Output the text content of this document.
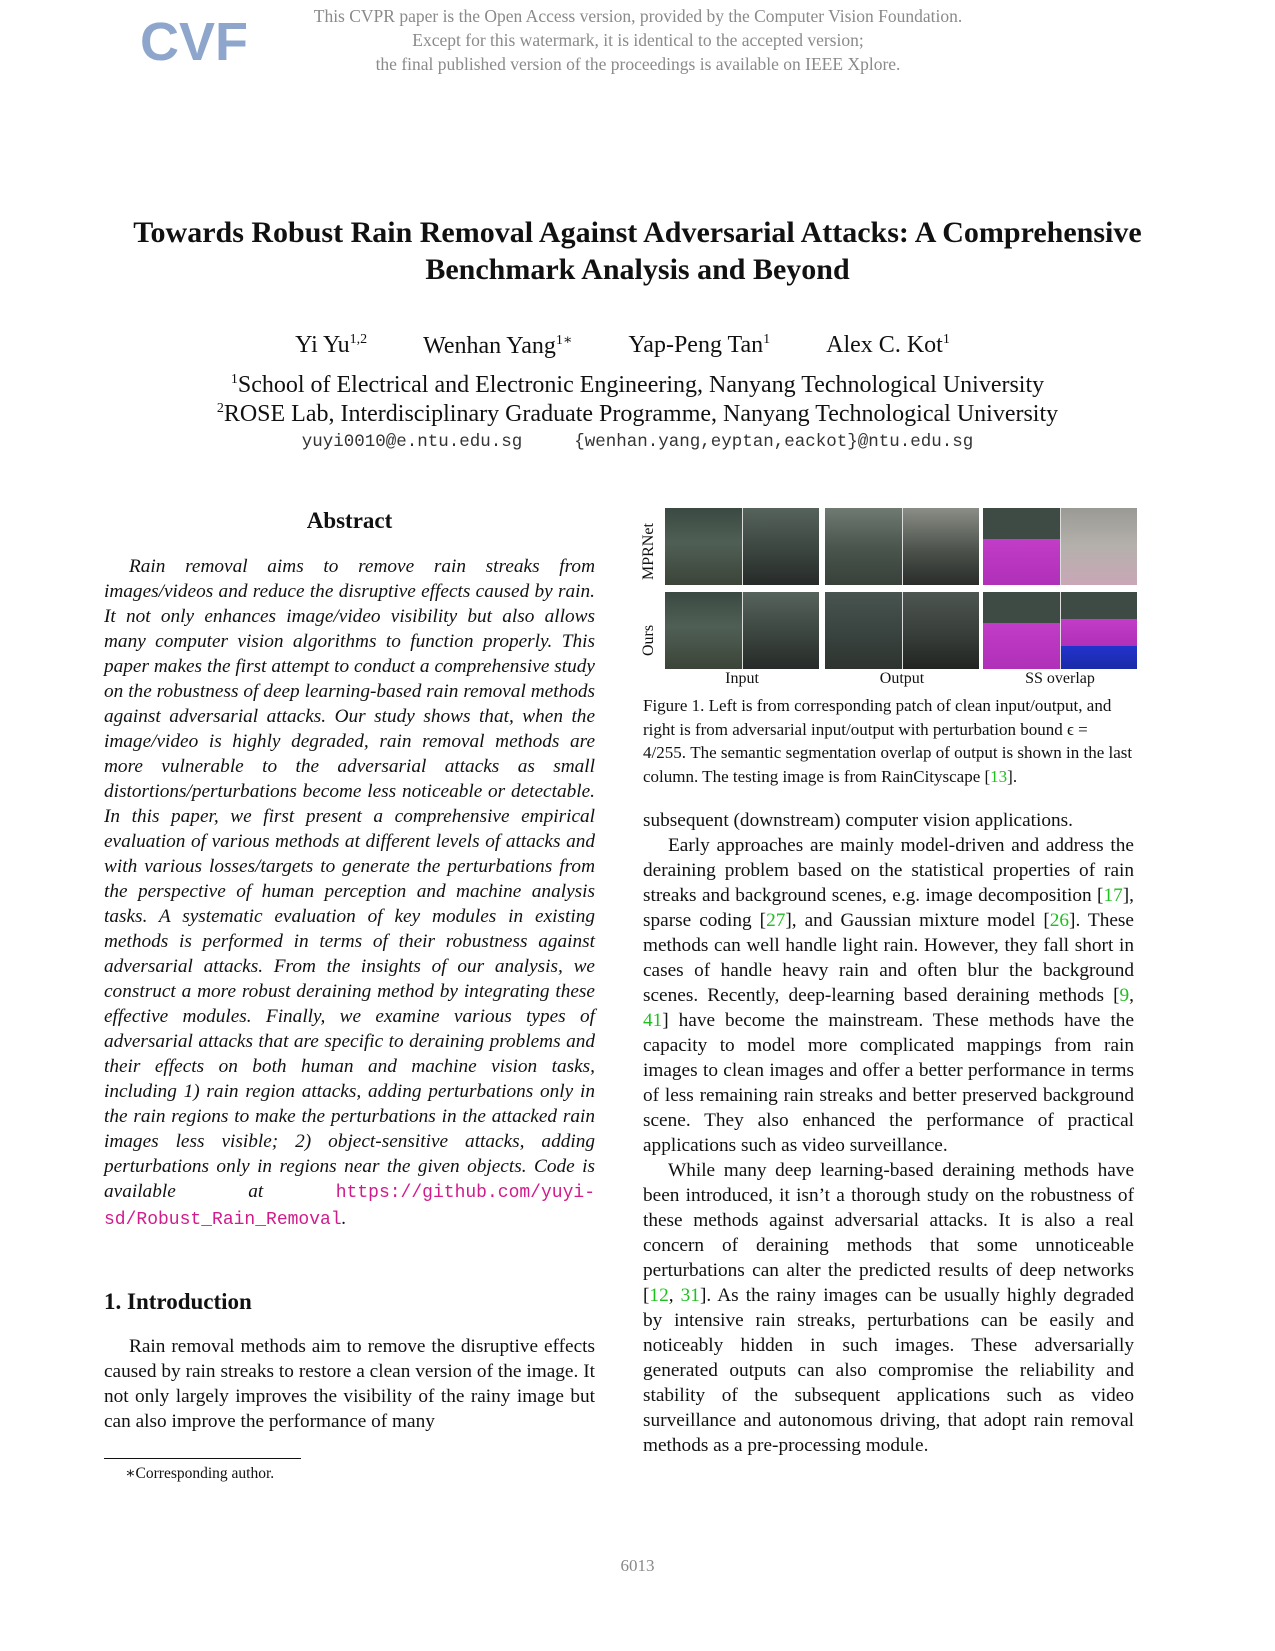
CVF	This CVPR paper is the Open Access version, provided by the Computer Vision Foundation.
Except for this watermark, it is identical to the accepted version;
the final published version of the proceedings is available on IEEE Xplore.
Towards Robust Rain Removal Against Adversarial Attacks: A Comprehensive Benchmark Analysis and Beyond
Yi Yu$^{1,2}$ Wenhan Yang$^{1∗}$ Yap-Peng Tan$^1$ Alex C. Kot$^1$
$^1$School of Electrical and Electronic Engineering, Nanyang Technological University
$^2$ROSE Lab, Interdisciplinary Graduate Programme, Nanyang Technological University
yuyi0010@e.ntu.edu.sg	{wenhan.yang,eyptan,eackot}@ntu.edu.sg

Abstract

Rain removal aims to remove rain streaks from images/videos and reduce the disruptive effects caused by rain. It not only enhances image/video visibility but also allows many computer vision algorithms to function properly. This paper makes the first attempt to conduct a comprehensive study on the robustness of deep learning-based rain removal methods against adversarial attacks. Our study shows that, when the image/video is highly degraded, rain removal methods are more vulnerable to the adversarial attacks as small distortions/perturbations become less noticeable or detectable. In this paper, we first present a comprehensive empirical evaluation of various methods at different levels of attacks and with various losses/targets to generate the perturbations from the perspective of human perception and machine analysis tasks. A systematic evaluation of key modules in existing methods is performed in terms of their robustness against adversarial attacks. From the insights of our analysis, we construct a more robust deraining method by integrating these effective modules. Finally, we examine various types of adversarial attacks that are specific to deraining problems and their effects on both human and machine vision tasks, including 1) rain region attacks, adding perturbations only in the rain regions to make the perturbations in the attacked rain images less visible; 2) object-sensitive attacks, adding perturbations only in regions near the given objects. Code is available at https://github.com/yuyi-sd/Robust_Rain_Removal.

1. Introduction

Rain removal methods aim to remove the disruptive effects caused by rain streaks to restore a clean version of the image. It not only largely improves the visibility of the rainy image but can also improve the performance of many

∗Corresponding author.
MPRNet
Ours
Input	Output	SS overlap
Figure 1. Left is from corresponding patch of clean input/output, and right is from adversarial input/output with perturbation bound ϵ = 4/255. The semantic segmentation overlap of output is shown in the last column. The testing image is from RainCityscape [13].

subsequent (downstream) computer vision applications.

Early approaches are mainly model-driven and address the deraining problem based on the statistical properties of rain streaks and background scenes, e.g. image decomposition [17], sparse coding [27], and Gaussian mixture model [26]. These methods can well handle light rain. However, they fall short in cases of handle heavy rain and often blur the background scenes. Recently, deep-learning based deraining methods [9, 41] have become the mainstream. These methods have the capacity to model more complicated mappings from rain images to clean images and offer a better performance in terms of less remaining rain streaks and better preserved background scene. They also enhanced the performance of practical applications such as video surveillance.

While many deep learning-based deraining methods have been introduced, it isn’t a thorough study on the robustness of these methods against adversarial attacks. It is also a real concern of deraining methods that some unnoticeable perturbations can alter the predicted results of deep networks [12, 31]. As the rainy images can be usually highly degraded by intensive rain streaks, perturbations can be easily and noticeably hidden in such images. These adversarially generated outputs can also compromise the reliability and stability of the subsequent applications such as video surveillance and autonomous driving, that adopt rain removal methods as a pre-processing module.

6013
